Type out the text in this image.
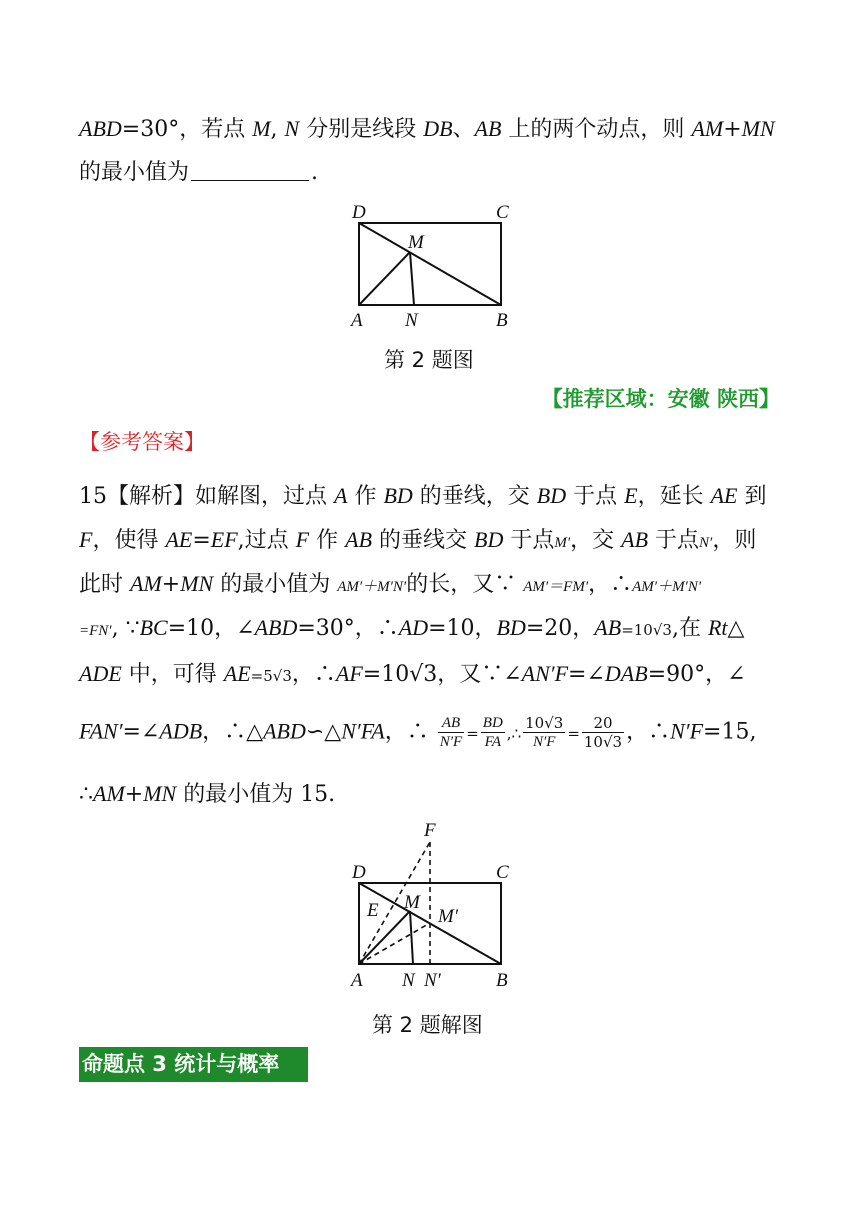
ABD=30°，若点 M, N 分别是线段 DB、AB 上的两个动点，则 AM+MN
的最小值为	.
D	C
M
A N	B
第 2 题图
【推荐区域：安徽 陕西】
【参考答案】
15【解析】如解图，过点 A 作 BD 的垂线，交 BD 于点 E，延长 AE 到
F，使得 AE=EF,过点 F 作 AB 的垂线交 BD 于点M′，交 AB 于点N′，则
此时 AM+MN 的最小值为 AM′＋M′N′的长，又∵ AM′＝FM′，∴AM′＋M′N′
=FN′, ∵BC=10，∠ABD=30°，∴AD=10，BD=20，AB=10√3,在 Rt△
ADE 中，可得 AE=5√3，∴AF=10√3，又∵∠AN′F=∠DAB=90°，∠
FAN′=∠ADB，∴△ABD∽△N′FA，∴ $\frac{AB}{N'F} = \frac{BD}{FA}$ ,∴ $\frac{10√3}{N'F} = \frac{20}{10√3}$ ，∴N′F=15,
∴AM+MN 的最小值为 15.
F
D	C
E M
M′
A N N′	B
第 2 题解图
命题点 3 统计与概率
